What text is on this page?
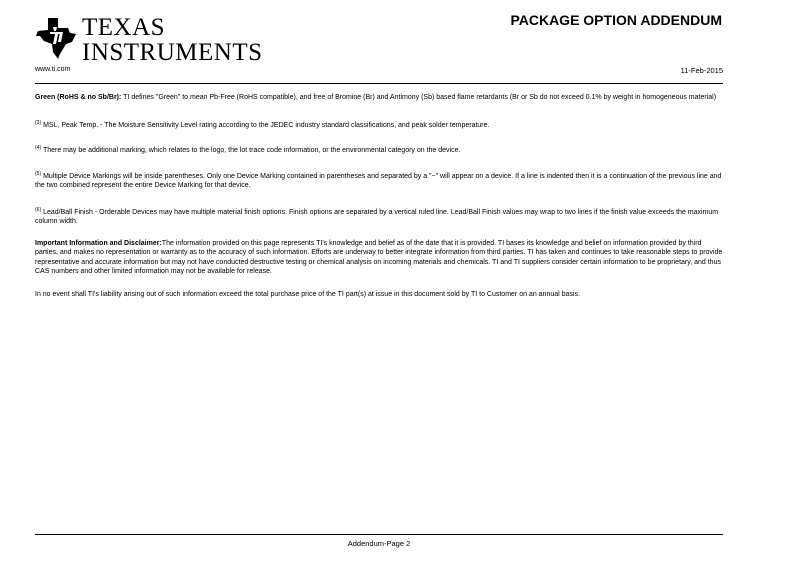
TEXAS
INSTRUMENTS
PACKAGE OPTION ADDENDUM
www.ti.com	11-Feb-2015

Green (RoHS & no Sb/Br): TI defines "Green" to mean Pb-Free (RoHS compatible), and free of Bromine (Br) and Antimony (Sb) based flame retardants (Br or Sb do not exceed 0.1% by weight in homogeneous material)

$^{(3)}$ MSL, Peak Temp. - The Moisture Sensitivity Level rating according to the JEDEC industry standard classifications, and peak solder temperature.

$^{(4)}$ There may be additional marking, which relates to the logo, the lot trace code information, or the environmental category on the device.

$^{(5)}$ Multiple Device Markings will be inside parentheses. Only one Device Marking contained in parentheses and separated by a "~" will appear on a device. If a line is indented then it is a continuation of the previous line and the two combined represent the entire Device Marking for that device.

$^{(6)}$ Lead/Ball Finish - Orderable Devices may have multiple material finish options. Finish options are separated by a vertical ruled line. Lead/Ball Finish values may wrap to two lines if the finish value exceeds the maximum column width.

Important Information and Disclaimer:The information provided on this page represents TI's knowledge and belief as of the date that it is provided. TI bases its knowledge and belief on information provided by third parties, and makes no representation or warranty as to the accuracy of such information. Efforts are underway to better integrate information from third parties. TI has taken and continues to take reasonable steps to provide representative and accurate information but may not have conducted destructive testing or chemical analysis on incoming materials and chemicals. TI and TI suppliers consider certain information to be proprietary, and thus CAS numbers and other limited information may not be available for release.

In no event shall TI's liability arising out of such information exceed the total purchase price of the TI part(s) at issue in this document sold by TI to Customer on an annual basis.

Addendum-Page 2
